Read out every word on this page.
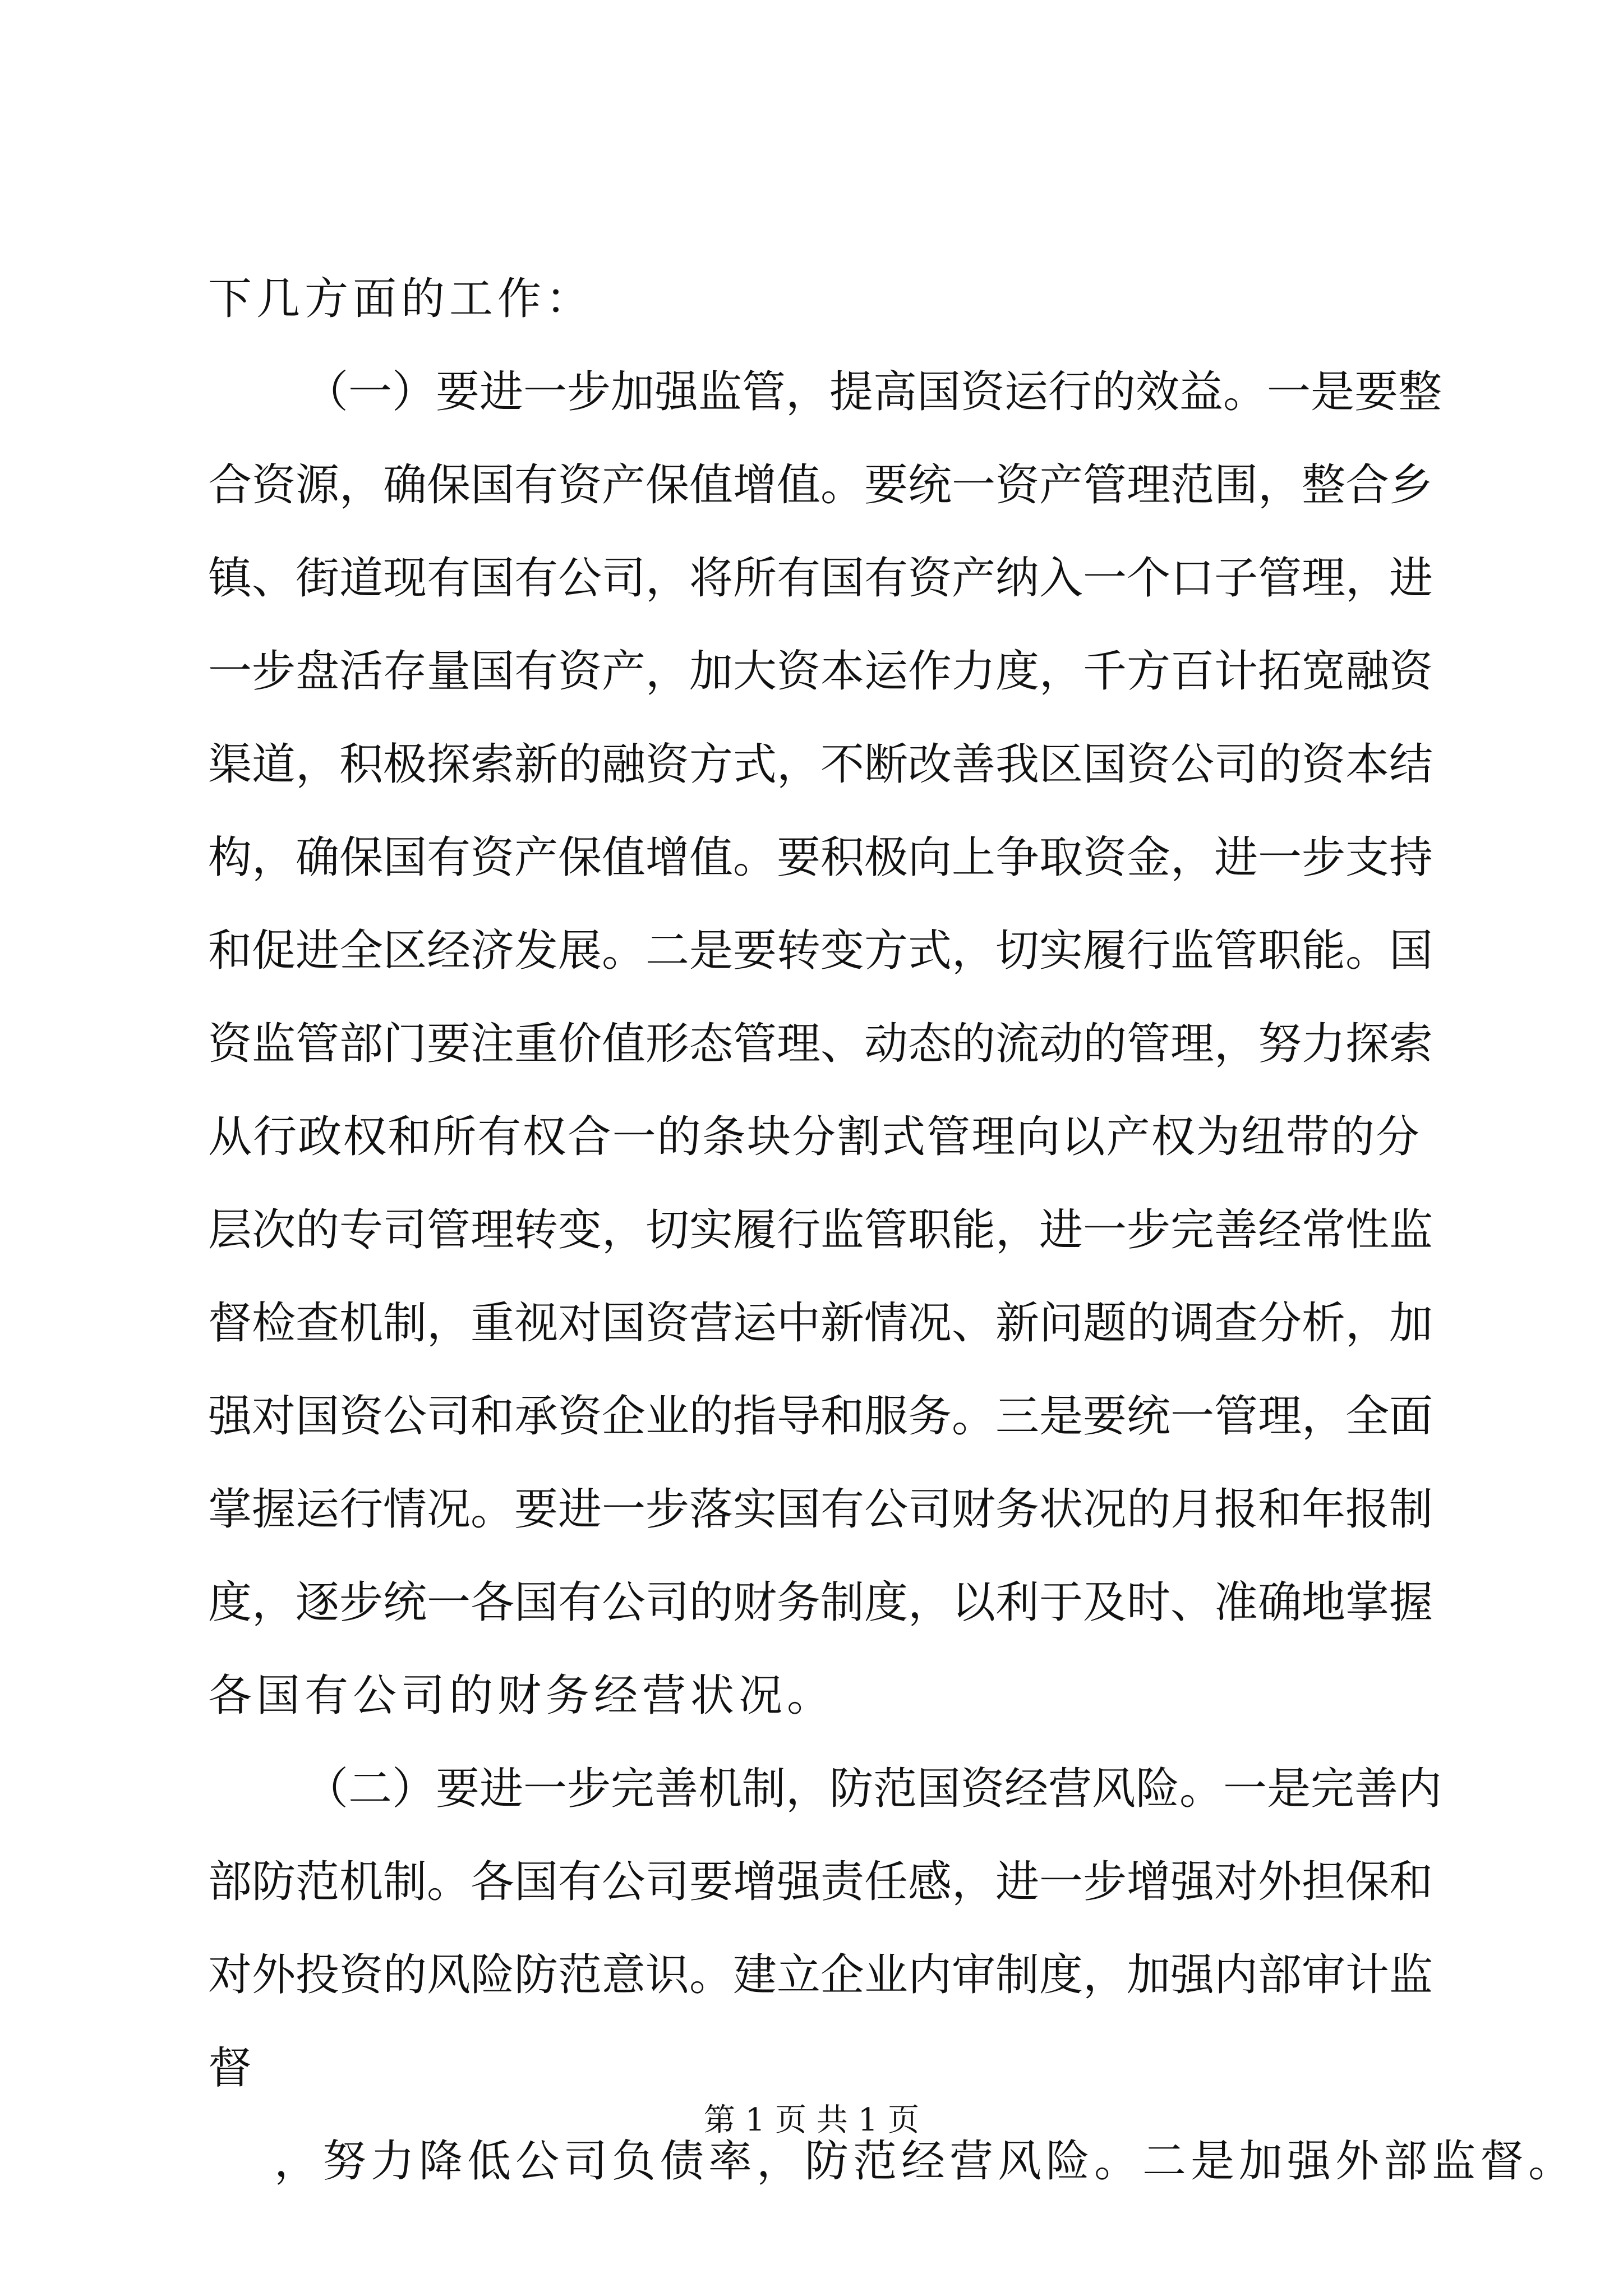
下几方面的工作：
（一）要进一步加强监管，提高国资运行的效益。一是要整
合资源，确保国有资产保值增值。要统一资产管理范围，整合乡
镇、街道现有国有公司，将所有国有资产纳入一个口子管理，进
一步盘活存量国有资产，加大资本运作力度，千方百计拓宽融资
渠道，积极探索新的融资方式，不断改善我区国资公司的资本结
构，确保国有资产保值增值。要积极向上争取资金，进一步支持
和促进全区经济发展。二是要转变方式，切实履行监管职能。国
资监管部门要注重价值形态管理、动态的流动的管理，努力探索
从行政权和所有权合一的条块分割式管理向以产权为纽带的分
层次的专司管理转变，切实履行监管职能，进一步完善经常性监
督检查机制，重视对国资营运中新情况、新问题的调查分析，加
强对国资公司和承资企业的指导和服务。三是要统一管理，全面
掌握运行情况。要进一步落实国有公司财务状况的月报和年报制
度，逐步统一各国有公司的财务制度，以利于及时、准确地掌握
各国有公司的财务经营状况。
（二）要进一步完善机制，防范国资经营风险。一是完善内
部防范机制。各国有公司要增强责任感，进一步增强对外担保和
对外投资的风险防范意识。建立企业内审制度，加强内部审计监
督
，努力降低公司负债率，防范经营风险。二是加强外部监督。
第 1 页 共 1 页
